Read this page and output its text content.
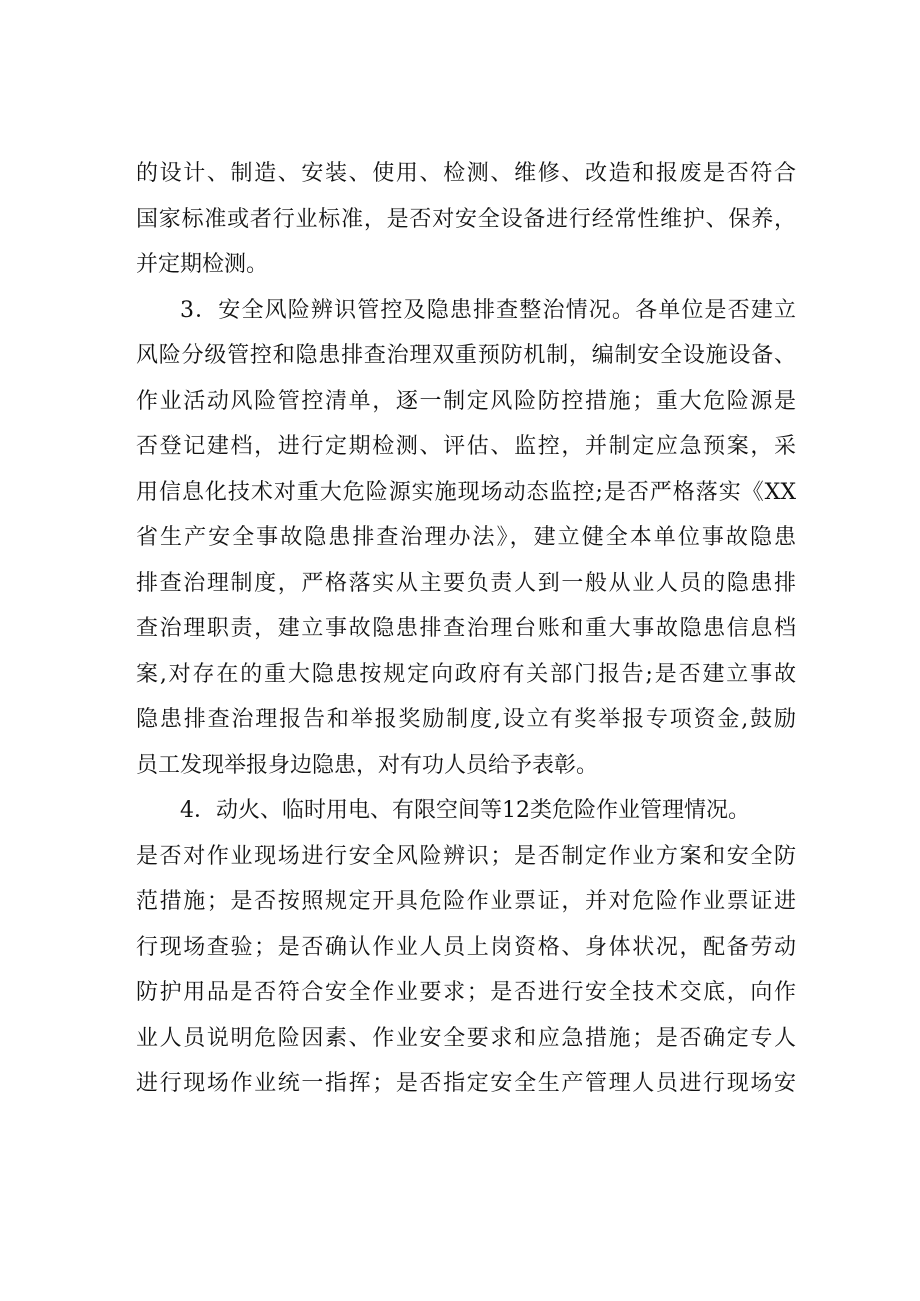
的设计、制造、安装、使用、检测、维修、改造和报废是否符合
国家标准或者行业标准，是否对安全设备进行经常性维护、保养，
并定期检测。
3．安全风险辨识管控及隐患排查整治情况。各单位是否建立
风险分级管控和隐患排查治理双重预防机制，编制安全设施设备、
作业活动风险管控清单，逐一制定风险防控措施；重大危险源是
否登记建档，进行定期检测、评估、监控，并制定应急预案，采
用信息化技术对重大危险源实施现场动态监控;是否严格落实《XX
省生产安全事故隐患排查治理办法》，建立健全本单位事故隐患
排查治理制度，严格落实从主要负责人到一般从业人员的隐患排
查治理职责，建立事故隐患排查治理台账和重大事故隐患信息档
案,对存在的重大隐患按规定向政府有关部门报告;是否建立事故
隐患排查治理报告和举报奖励制度,设立有奖举报专项资金,鼓励
员工发现举报身边隐患，对有功人员给予表彰。
4．动火、临时用电、有限空间等12类危险作业管理情况。
是否对作业现场进行安全风险辨识；是否制定作业方案和安全防
范措施；是否按照规定开具危险作业票证，并对危险作业票证进
行现场查验；是否确认作业人员上岗资格、身体状况，配备劳动
防护用品是否符合安全作业要求；是否进行安全技术交底，向作
业人员说明危险因素、作业安全要求和应急措施；是否确定专人
进行现场作业统一指挥；是否指定安全生产管理人员进行现场安
